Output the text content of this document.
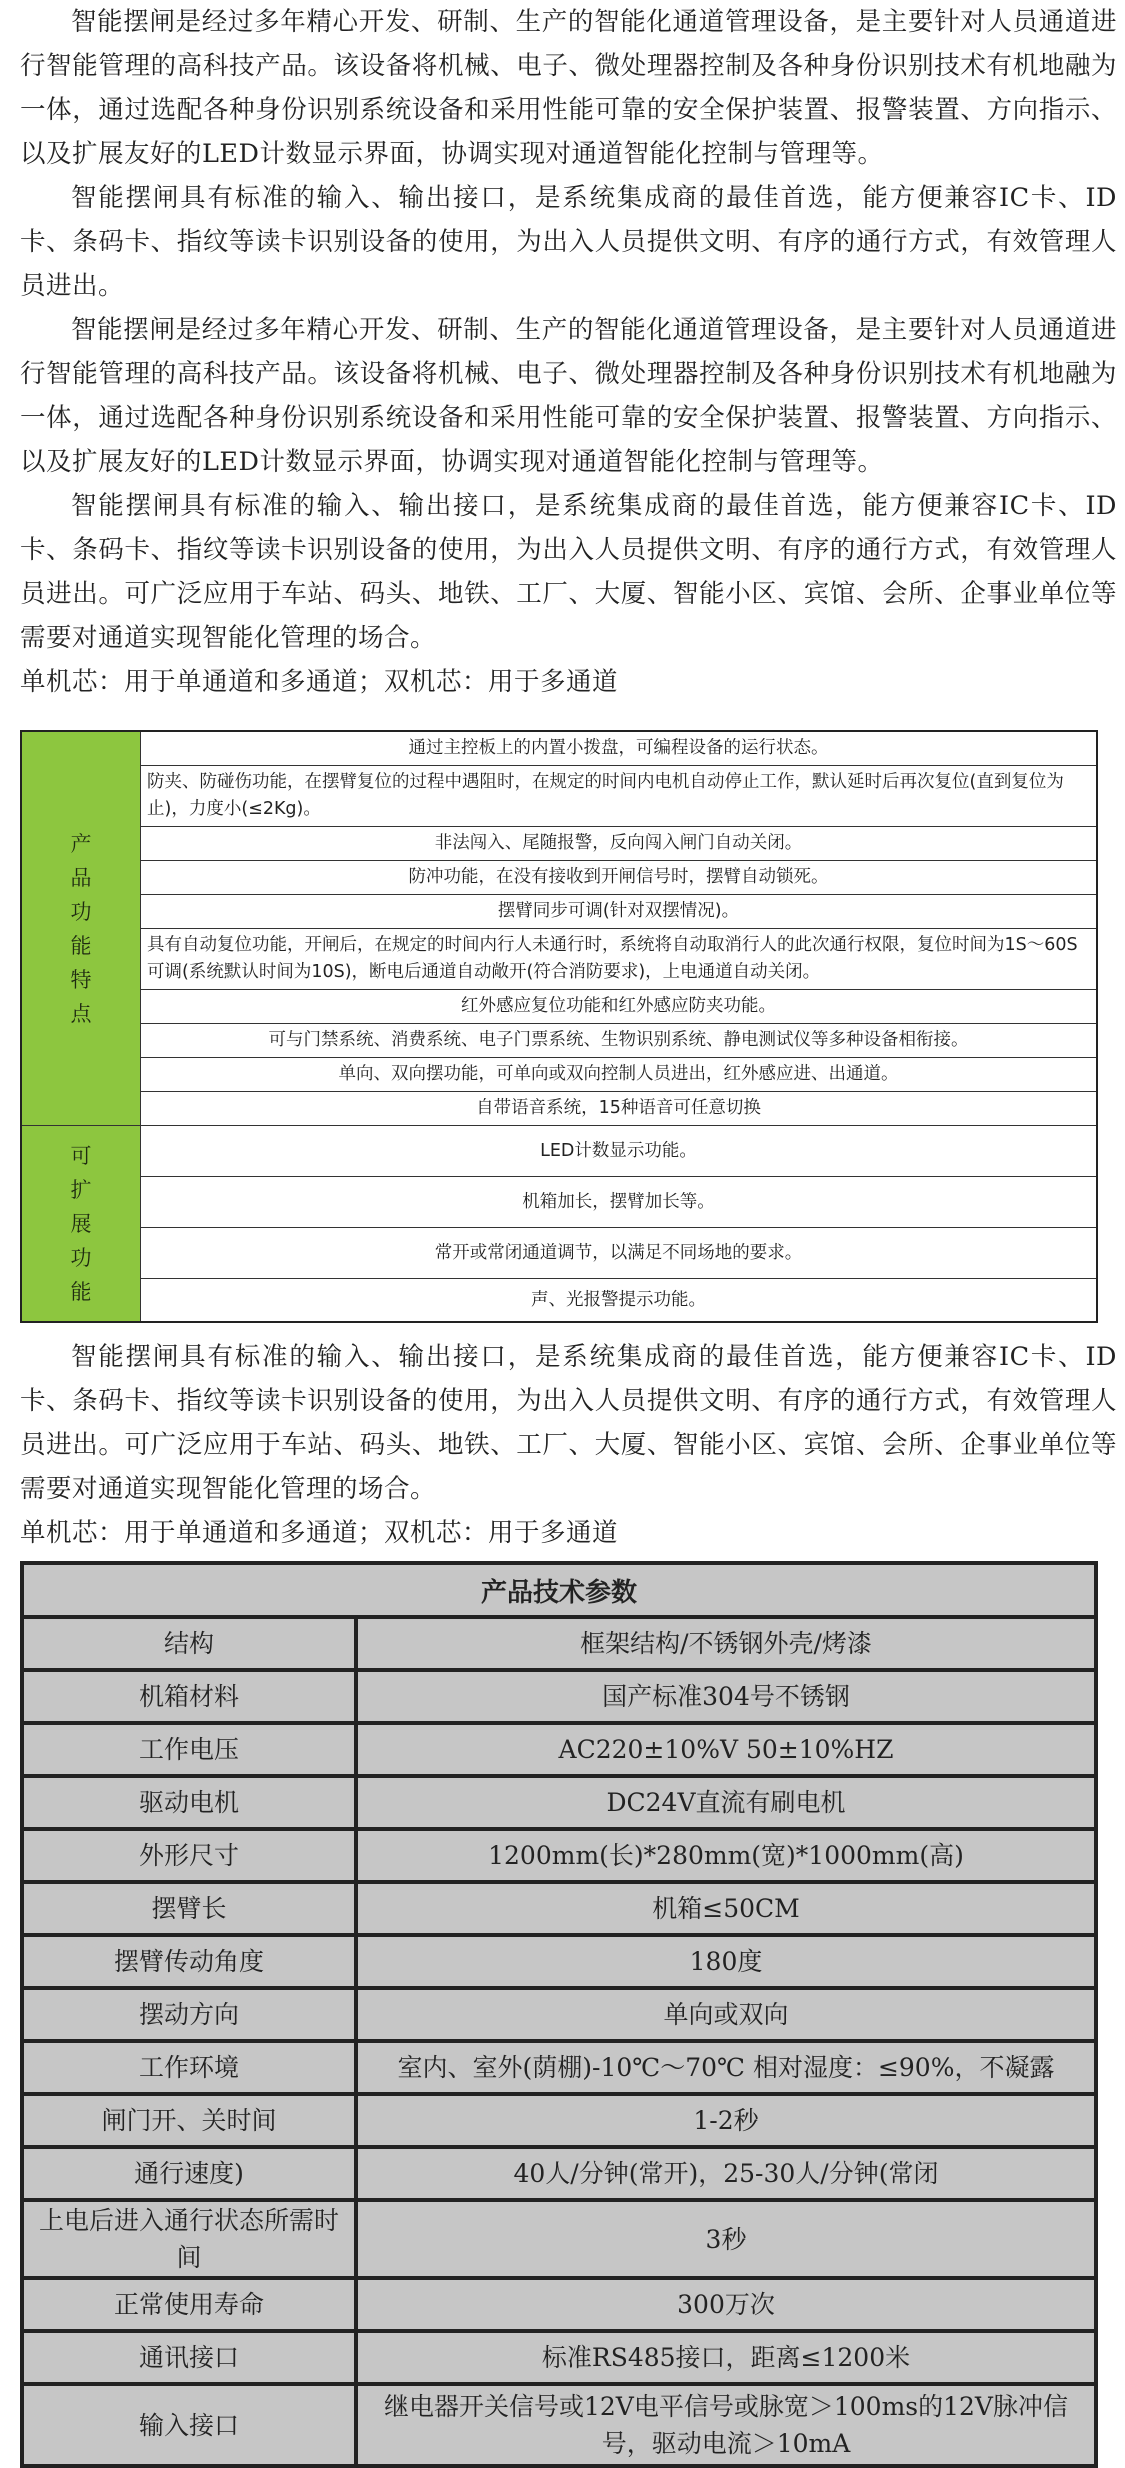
智能摆闸是经过多年精心开发、研制、生产的智能化通道管理设备，是主要针对人员通道进行智能管理的高科技产品。该设备将机械、电子、微处理器控制及各种身份识别技术有机地融为一体，通过选配各种身份识别系统设备和采用性能可靠的安全保护装置、报警装置、方向指示、以及扩展友好的LED计数显示界面，协调实现对通道智能化控制与管理等。

智能摆闸具有标准的输入、输出接口，是系统集成商的最佳首选，能方便兼容IC卡、ID卡、条码卡、指纹等读卡识别设备的使用，为出入人员提供文明、有序的通行方式，有效管理人员进出。

智能摆闸是经过多年精心开发、研制、生产的智能化通道管理设备，是主要针对人员通道进行智能管理的高科技产品。该设备将机械、电子、微处理器控制及各种身份识别技术有机地融为一体，通过选配各种身份识别系统设备和采用性能可靠的安全保护装置、报警装置、方向指示、以及扩展友好的LED计数显示界面，协调实现对通道智能化控制与管理等。

智能摆闸具有标准的输入、输出接口，是系统集成商的最佳首选，能方便兼容IC卡、ID卡、条码卡、指纹等读卡识别设备的使用，为出入人员提供文明、有序的通行方式，有效管理人员进出。可广泛应用于车站、码头、地铁、工厂、大厦、智能小区、宾馆、会所、企事业单位等需要对通道实现智能化管理的场合。

单机芯：用于单通道和多通道；双机芯：用于多通道

产品功能特点	通过主控板上的内置小拨盘，可编程设备的运行状态。
	防夹、防碰伤功能，在摆臂复位的过程中遇阻时，在规定的时间内电机自动停止工作，默认延时后再次复位(直到复位为止)，力度小(≤2Kg)。
	非法闯入、尾随报警，反向闯入闸门自动关闭。
	防冲功能，在没有接收到开闸信号时，摆臂自动锁死。
	摆臂同步可调(针对双摆情况)。
	具有自动复位功能，开闸后，在规定的时间内行人未通行时，系统将自动取消行人的此次通行权限，复位时间为1S～60S可调(系统默认时间为10S)，断电后通道自动敞开(符合消防要求)，上电通道自动关闭。
	红外感应复位功能和红外感应防夹功能。
	可与门禁系统、消费系统、电子门票系统、生物识别系统、静电测试仪等多种设备相衔接。
	单向、双向摆功能，可单向或双向控制人员进出，红外感应进、出通道。
	自带语音系统，15种语音可任意切换

可扩展功能	LED计数显示功能。
	机箱加长，摆臂加长等。
	常开或常闭通道调节，以满足不同场地的要求。
	声、光报警提示功能。

智能摆闸具有标准的输入、输出接口，是系统集成商的最佳首选，能方便兼容IC卡、ID卡、条码卡、指纹等读卡识别设备的使用，为出入人员提供文明、有序的通行方式，有效管理人员进出。可广泛应用于车站、码头、地铁、工厂、大厦、智能小区、宾馆、会所、企事业单位等需要对通道实现智能化管理的场合。

单机芯：用于单通道和多通道；双机芯：用于多通道

产品技术参数	
结构	框架结构/不锈钢外壳/烤漆
机箱材料	国产标准304号不锈钢
工作电压	AC220±10%V 50±10%HZ
驱动电机	DC24V直流有刷电机
外形尺寸	1200mm(长)*280mm(宽)*1000mm(高)
摆臂长	机箱≤50CM
摆臂传动角度	180度
摆动方向	单向或双向
工作环境	室内、室外(荫棚)-10℃～70℃ 相对湿度：≤90%，不凝露
闸门开、关时间	1-2秒
通行速度)	40人/分钟(常开)，25-30人/分钟(常闭
上电后进入通行状态所需时间	3秒
正常使用寿命	300万次
通讯接口	标准RS485接口，距离≤1200米
输入接口	继电器开关信号或12V电平信号或脉宽＞100ms的12V脉冲信号，驱动电流＞10mA
